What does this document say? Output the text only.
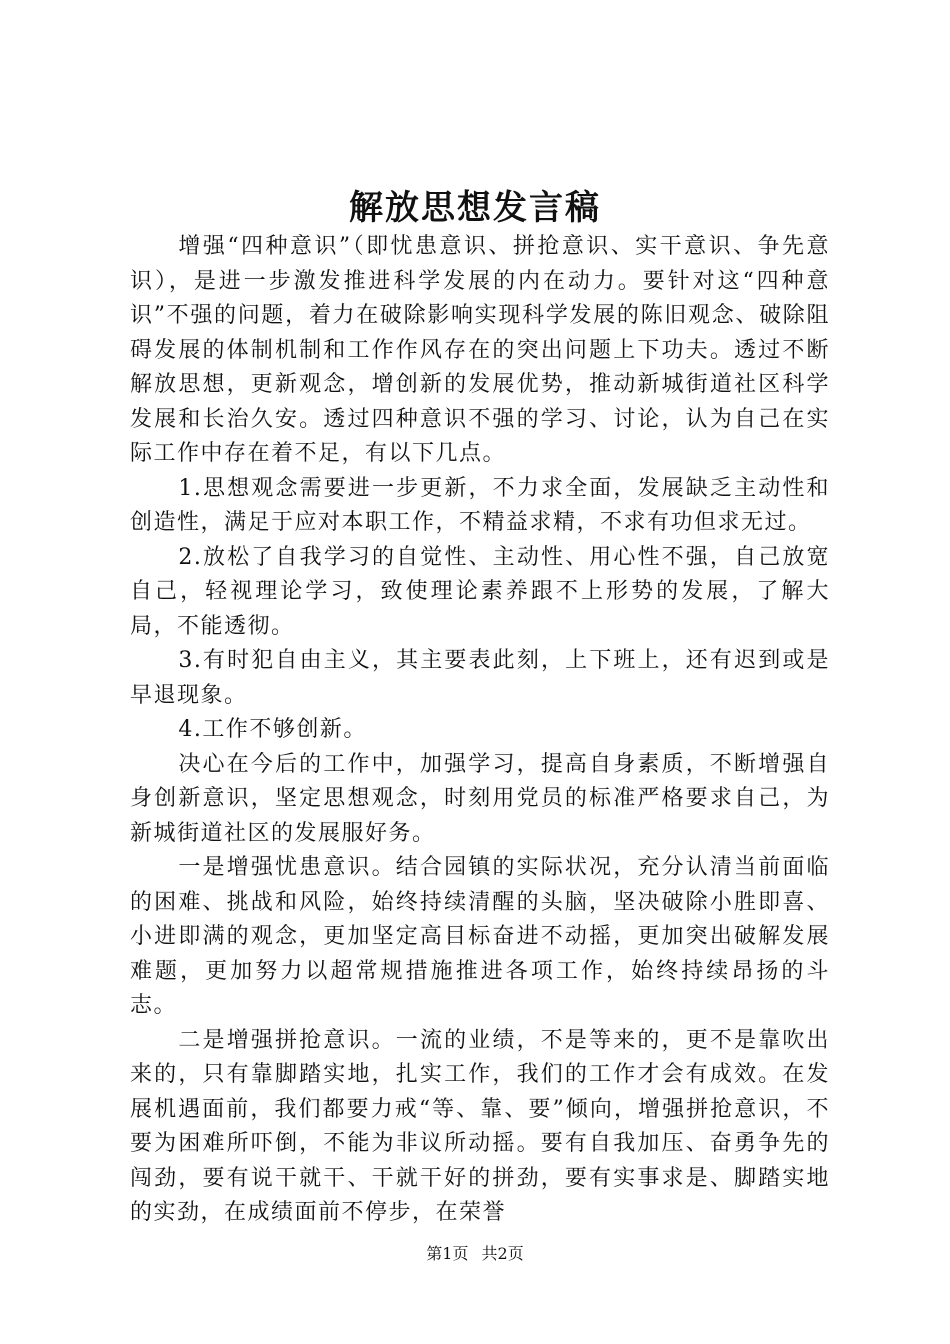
解放思想发言稿

增强“四种意识”（即忧患意识、拼抢意识、实干意识、争先意识），是进一步激发推进科学发展的内在动力。要针对这“四种意识”不强的问题，着力在破除影响实现科学发展的陈旧观念、破除阻碍发展的体制机制和工作作风存在的突出问题上下功夫。透过不断解放思想，更新观念，增创新的发展优势，推动新城街道社区科学发展和长治久安。透过四种意识不强的学习、讨论，认为自己在实际工作中存在着不足，有以下几点。

1.思想观念需要进一步更新，不力求全面，发展缺乏主动性和创造性，满足于应对本职工作，不精益求精，不求有功但求无过。

2.放松了自我学习的自觉性、主动性、用心性不强，自己放宽自己，轻视理论学习，致使理论素养跟不上形势的发展，了解大局，不能透彻。

3.有时犯自由主义，其主要表此刻，上下班上，还有迟到或是早退现象。

4.工作不够创新。

决心在今后的工作中，加强学习，提高自身素质，不断增强自身创新意识，坚定思想观念，时刻用党员的标准严格要求自己，为新城街道社区的发展服好务。

一是增强忧患意识。结合园镇的实际状况，充分认清当前面临的困难、挑战和风险，始终持续清醒的头脑，坚决破除小胜即喜、小进即满的观念，更加坚定高目标奋进不动摇，更加突出破解发展难题，更加努力以超常规措施推进各项工作，始终持续昂扬的斗志。

二是增强拼抢意识。一流的业绩，不是等来的，更不是靠吹出来的，只有靠脚踏实地，扎实工作，我们的工作才会有成效。在发展机遇面前，我们都要力戒“等、靠、要”倾向，增强拼抢意识，不要为困难所吓倒，不能为非议所动摇。要有自我加压、奋勇争先的闯劲，要有说干就干、干就干好的拼劲，要有实事求是、脚踏实地的实劲，在成绩面前不停步，在荣誉

第1页 共2页
